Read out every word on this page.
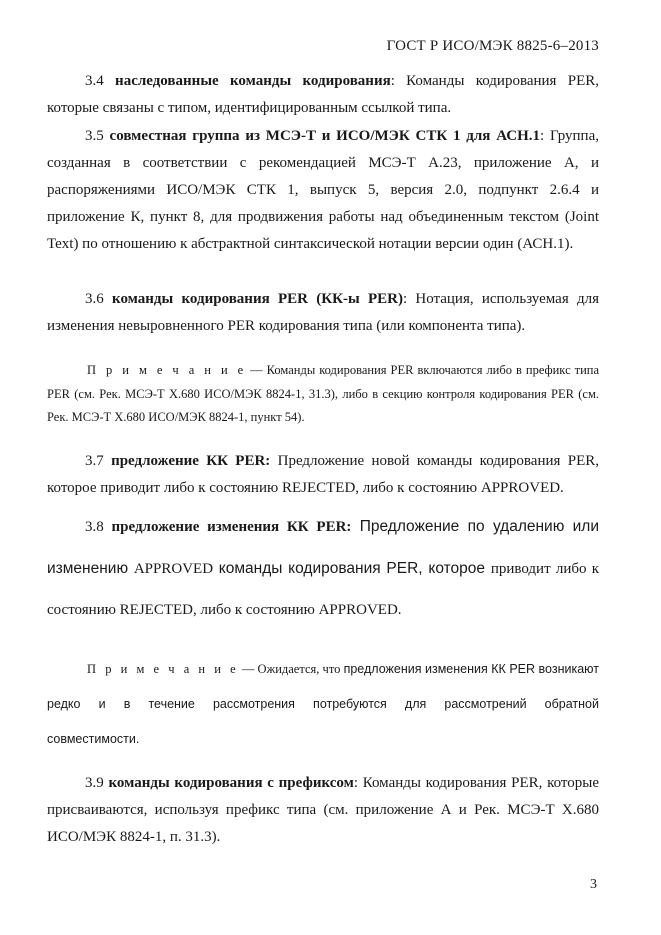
ГОСТ Р ИСО/МЭК 8825-6–2013
3.4 наследованные команды кодирования: Команды кодирования PER, которые связаны с типом, идентифицированным ссылкой типа.
3.5 совместная группа из МСЭ-Т и ИСО/МЭК СТК 1 для АСН.1: Группа, созданная в соответствии с рекомендацией МСЭ-Т А.23, приложение А, и распоряжениями ИСО/МЭК СТК 1, выпуск 5, версия 2.0, подпункт 2.6.4 и приложение К, пункт 8, для продвижения работы над объединенным текстом (Joint Text) по отношению к абстрактной синтаксической нотации версии один (АСН.1).
3.6 команды кодирования PER (КК-ы PER): Нотация, используемая для изменения невыровненного PER кодирования типа (или компонента типа).
П р и м е ч а н и е — Команды кодирования PER включаются либо в префикс типа PER (см. Рек. МСЭ-Т X.680 ИСО/МЭК 8824-1, 31.3), либо в секцию контроля кодирования PER (см. Рек. МСЭ-Т X.680 ИСО/МЭК 8824-1, пункт 54).
3.7 предложение КК PER: Предложение новой команды кодирования PER, которое приводит либо к состоянию REJECTED, либо к состоянию APPROVED.
3.8 предложение изменения КК PER: Предложение по удалению или
изменению APPROVED команды кодирования PER, которое приводит либо к
состоянию REJECTED, либо к состоянию APPROVED.
П р и м е ч а н и е — Ожидается, что предложения изменения КК PER возникают
редко и в течение рассмотрения потребуются для рассмотрений обратной
совместимости.
3.9 команды кодирования с префиксом: Команды кодирования PER, которые присваиваются, используя префикс типа (см. приложение А и Рек. МСЭ-Т X.680 ИСО/МЭК 8824-1, п. 31.3).
3
